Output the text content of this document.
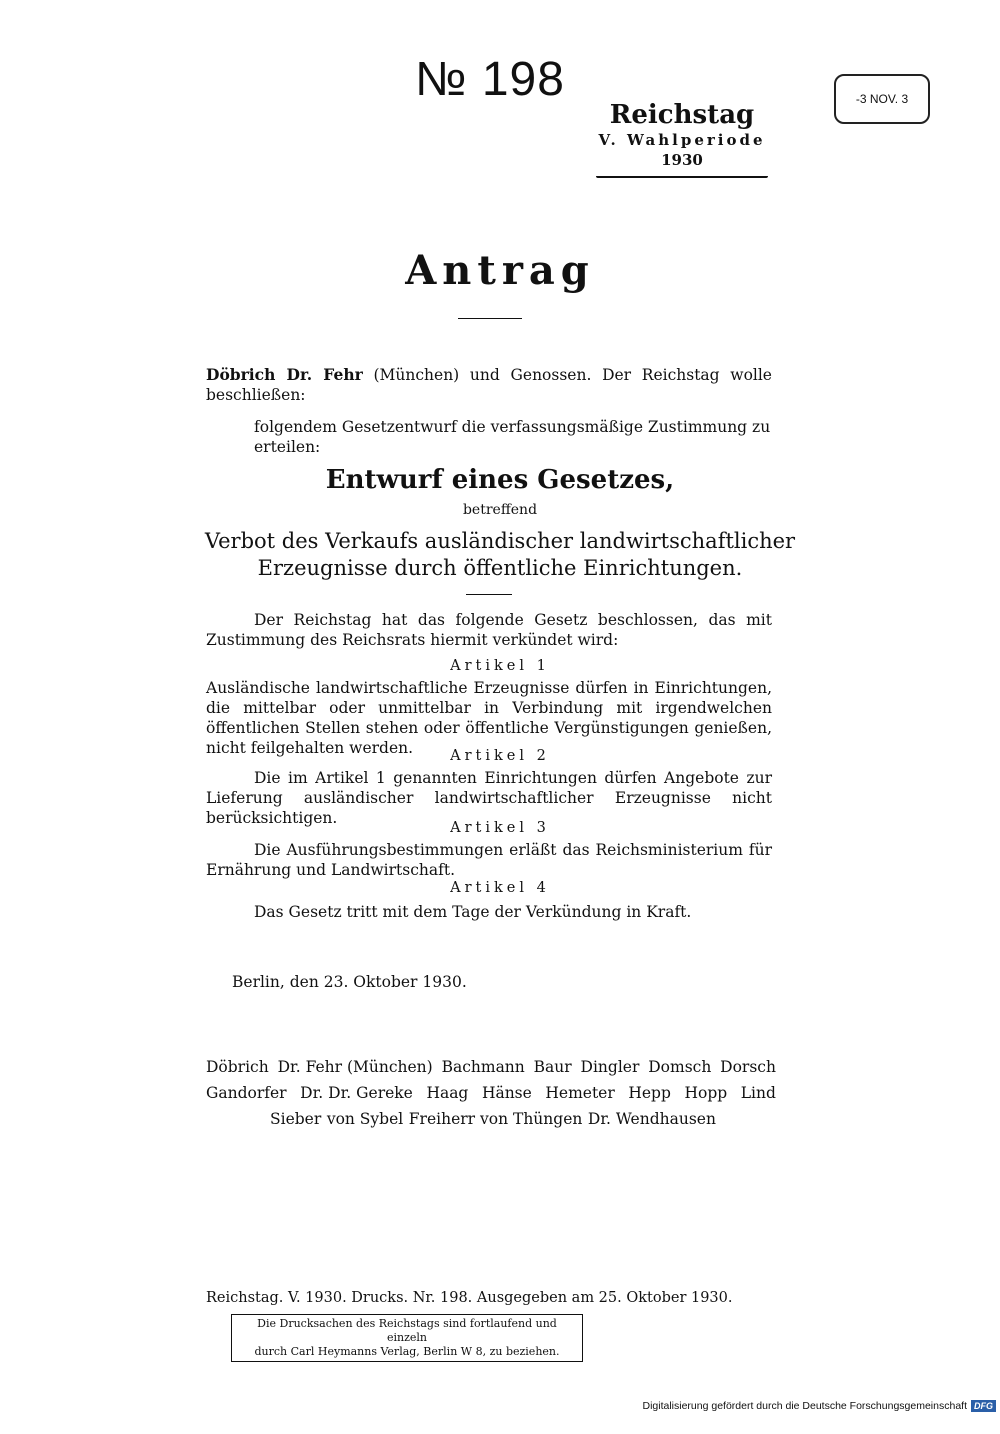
№ 198	-3 NOV. 3
Reichstag
V. Wahlperiode
1930
Antrag
Döbrich Dr. Fehr (München) und Genossen. Der Reichstag wolle beschließen:
folgendem Gesetzentwurf die verfassungsmäßige Zustimmung zu erteilen:
Entwurf eines Gesetzes,
betreffend
Verbot des Verkaufs ausländischer landwirtschaftlicher
Erzeugnisse durch öffentliche Einrichtungen.
Der Reichstag hat das folgende Gesetz beschlossen, das mit Zustimmung des Reichsrats hiermit verkündet wird:
Artikel 1
Ausländische landwirtschaftliche Erzeugnisse dürfen in Einrichtungen, die mittelbar oder unmittelbar in Verbindung mit irgendwelchen öffentlichen Stellen stehen oder öffentliche Vergünstigungen genießen, nicht feilgehalten werden.	Artikel 2
Die im Artikel 1 genannten Einrichtungen dürfen Angebote zur Lieferung ausländischer landwirtschaftlicher Erzeugnisse nicht berücksichtigen.
Artikel 3
Die Ausführungsbestimmungen erläßt das Reichsministerium für Ernährung und Landwirtschaft.
Artikel 4
Das Gesetz tritt mit dem Tage der Verkündung in Kraft.
Berlin, den 23. Oktober 1930.
Döbrich Dr. Fehr (München) Bachmann Baur Dingler Domsch Dorsch
Gandorfer Dr. Dr. Gereke Haag Hänse Hemeter Hepp Hopp Lind
Sieber von Sybel Freiherr von Thüngen Dr. Wendhausen
Reichstag. V. 1930. Drucks. Nr. 198. Ausgegeben am 25. Oktober 1930.
Die Drucksachen des Reichstags sind fortlaufend und einzeln
durch Carl Heymanns Verlag, Berlin W 8, zu beziehen.
Digitalisierung gefördert durch die Deutsche Forschungsgemeinschaft DFG
